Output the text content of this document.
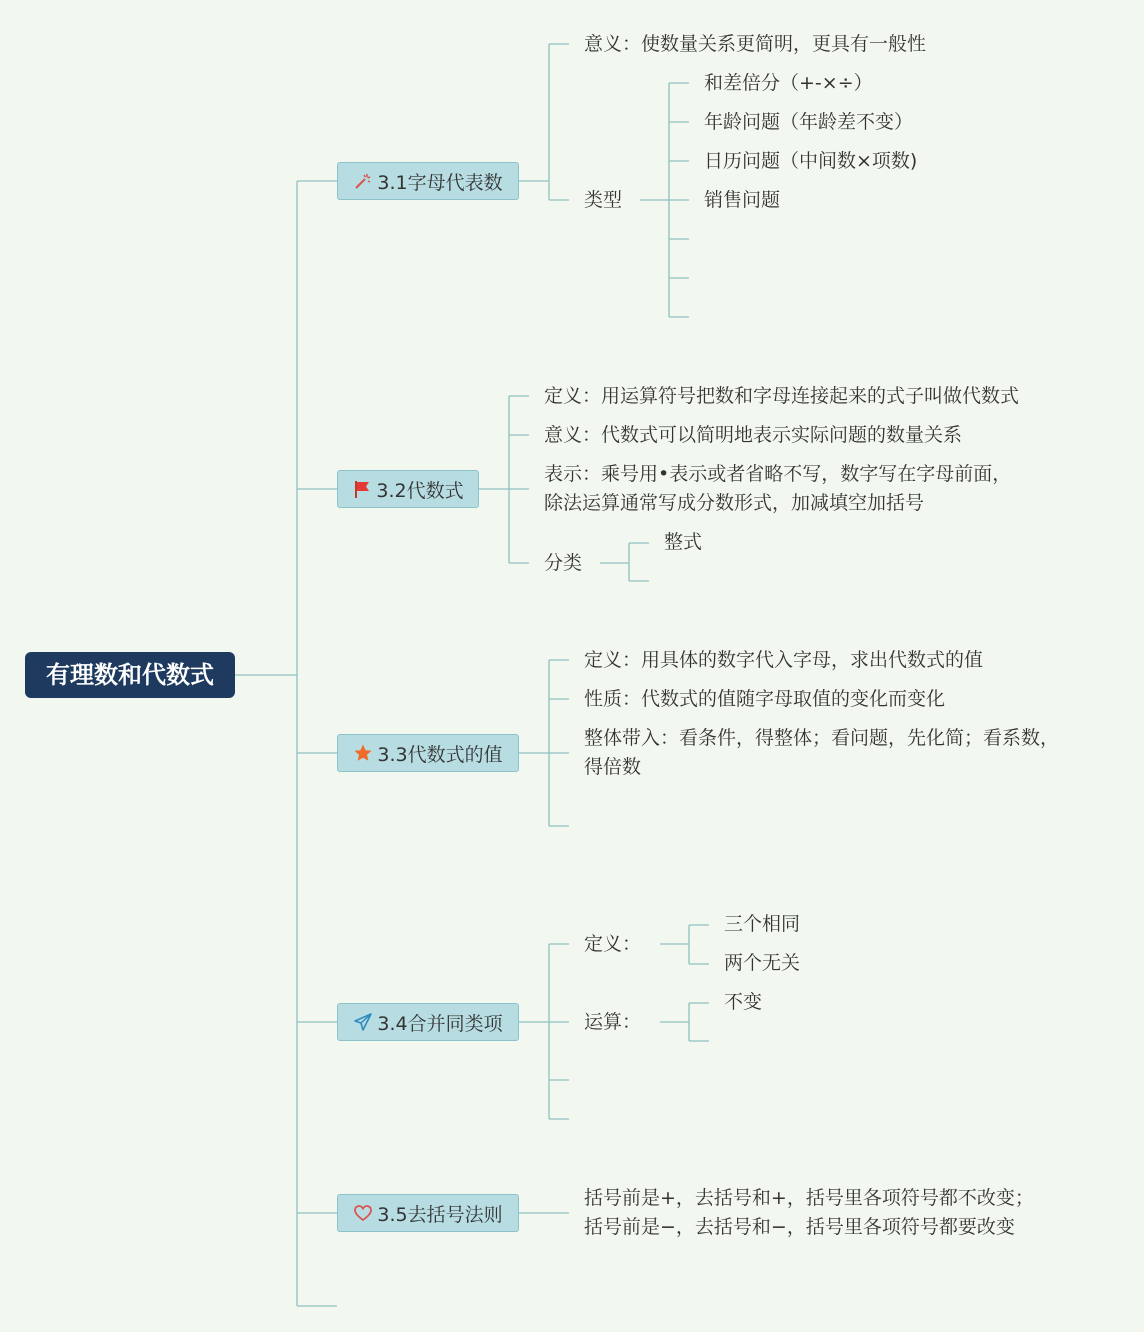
有理数和代数式
3.1字母代表数
3.2代数式
3.3代数式的值
3.4合并同类项
3.5去括号法则
意义：使数量关系更简明，更具有一般性
类型
和差倍分（+-×÷）
年龄问题（年龄差不变）
日历问题（中间数×项数)
销售问题
定义：用运算符号把数和字母连接起来的式子叫做代数式
意义：代数式可以简明地表示实际问题的数量关系
表示：乘号用•表示或者省略不写，数字写在字母前面，
除法运算通常写成分数形式，加减填空加括号
分类
整式
定义：用具体的数字代入字母，求出代数式的值
性质：代数式的值随字母取值的变化而变化
整体带入：看条件，得整体；看问题，先化简；看系数，
得倍数
定义：
三个相同
两个无关
运算：
不变
括号前是+，去括号和+，括号里各项符号都不改变；
括号前是−，去括号和−，括号里各项符号都要改变
